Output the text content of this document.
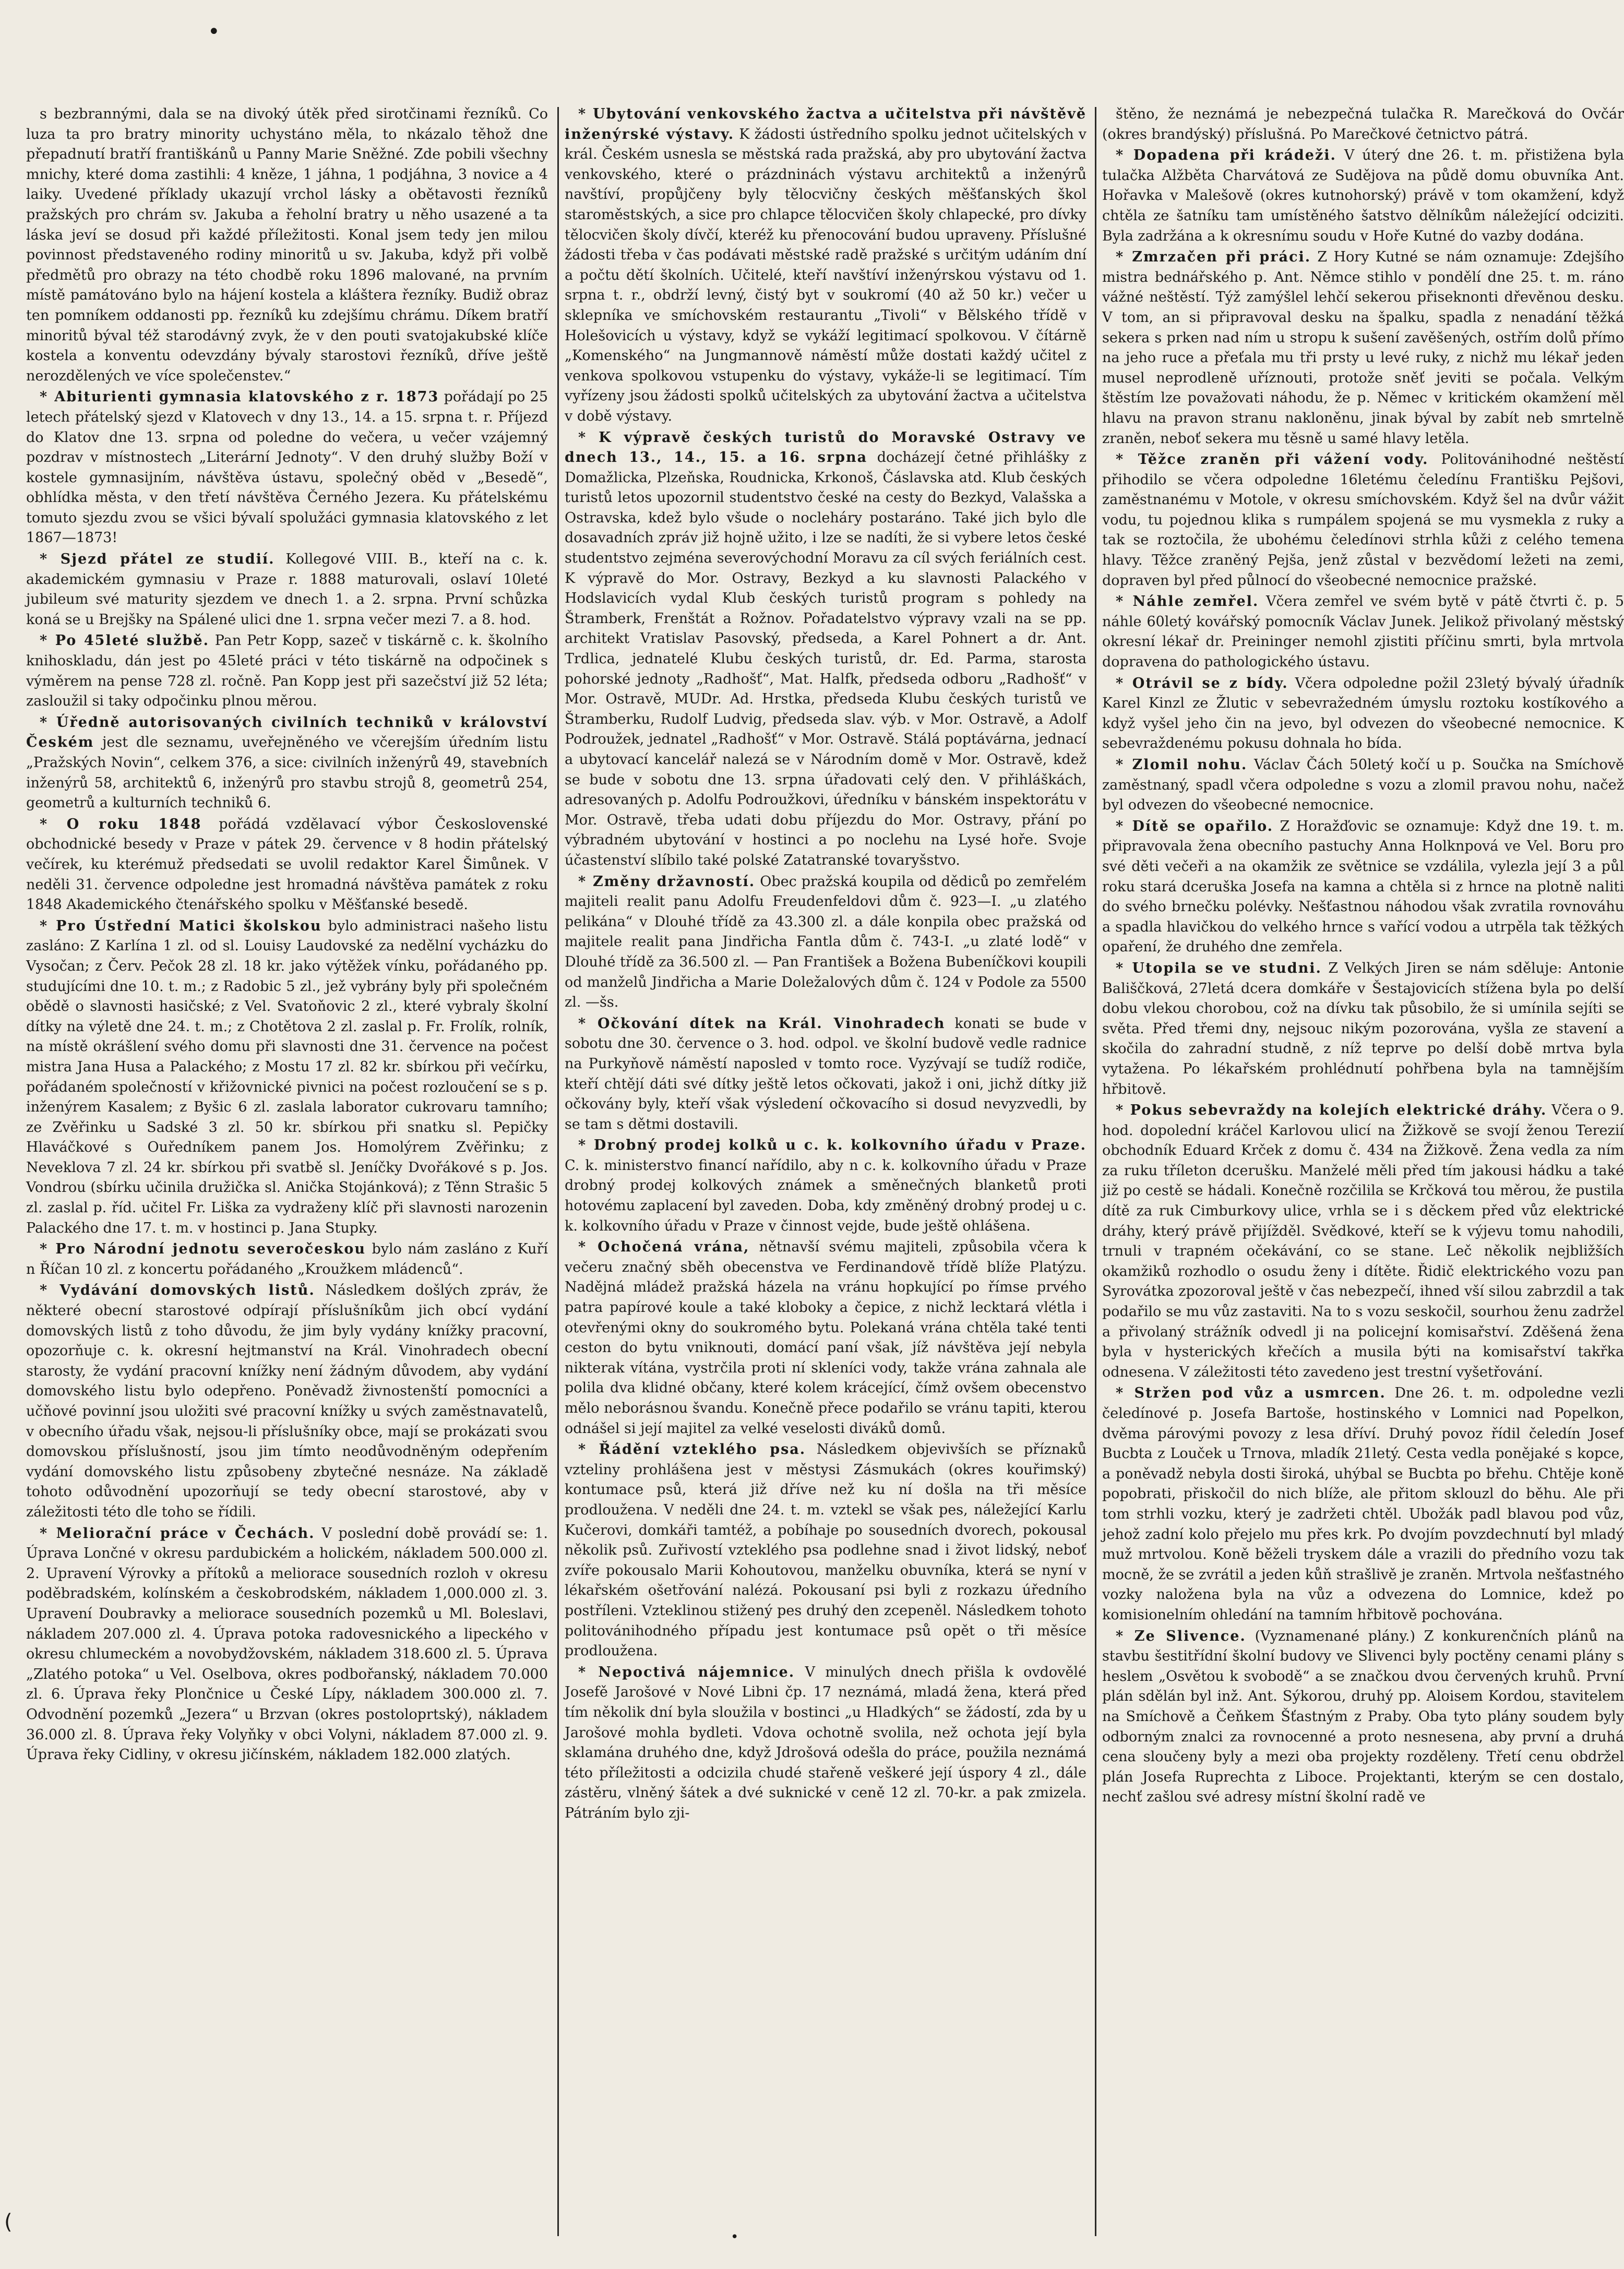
•
•
(

s bezbrannými, dala se na divoký útěk před sirotčinami řezníků. Co luza ta pro bratry minority uchystáno měla, to nkázalo těhož dne přepadnutí bratří františkánů u Panny Marie Sněžné. Zde pobili všechny mnichy, které doma zastihli: 4 kněze, 1 jáhna, 1 podjáhna, 3 novice a 4 laiky. Uvedené příklady ukazují vrchol lásky a obětavosti řezníků pražských pro chrám sv. Jakuba a řeholní bratry u něho usazené a ta láska jeví se dosud při každé příležitosti. Konal jsem tedy jen milou povinnost představeného rodiny minoritů u sv. Jakuba, když při volbě předmětů pro obrazy na této chodbě roku 1896 malované, na prvním místě památováno bylo na hájení kostela a kláštera řezníky. Budiž obraz ten pomníkem oddanosti pp. řezníků ku zdejšímu chrámu. Díkem bratří minoritů býval též starodávný zvyk, že v den pouti svatojakubské klíče kostela a konventu odevzdány bývaly starostovi řezníků, dříve ještě nerozdělených ve více společenstev.“

* Abiturienti gymnasia klatovského z r. 1873 pořádají po 25 letech přátelský sjezd v Klatovech v dny 13., 14. a 15. srpna t. r. Příjezd do Klatov dne 13. srpna od poledne do večera, u večer vzájemný pozdrav v místnostech „Literární Jednoty“. V den druhý služby Boží v kostele gymnasijním, návštěva ústavu, společný oběd v „Besedě“, obhlídka města, v den třetí návštěva Černého Jezera. Ku přátelskému tomuto sjezdu zvou se všici bývalí spolužáci gymnasia klatovského z let 1867—1873!

* Sjezd přátel ze studií. Kollegové VIII. B., kteří na c. k. akademickém gymnasiu v Praze r. 1888 maturovali, oslaví 10leté jubileum své maturity sjezdem ve dnech 1. a 2. srpna. První schůzka koná se u Brejšky na Spálené ulici dne 1. srpna večer mezi 7. a 8. hod.

* Po 45leté službě. Pan Petr Kopp, sazeč v tiskárně c. k. školního knihoskladu, dán jest po 45leté práci v této tiskárně na odpočinek s výměrem na pense 728 zl. ročně. Pan Kopp jest při sazečství již 52 léta; zasloužil si taky odpočinku plnou měrou.

* Úředně autorisovaných civilních techniků v království Českém jest dle seznamu, uveřejněného ve včerejším úředním listu „Pražských Novin“, celkem 376, a sice: civilních inženýrů 49, stavebních inženýrů 58, architektů 6, inženýrů pro stavbu strojů 8, geometrů 254, geometrů a kulturních techniků 6.

* O roku 1848 pořádá vzdělavací výbor Československé obchodnické besedy v Praze v pátek 29. července v 8 hodin přátelský večírek, ku kterémuž předsedati se uvolil redaktor Karel Šimůnek. V neděli 31. července odpoledne jest hromadná návštěva památek z roku 1848 Akademického čtenářského spolku v Měšťanské besedě.

* Pro Ústřední Matici školskou bylo administraci našeho listu zasláno: Z Karlína 1 zl. od sl. Louisy Laudovské za nedělní vycházku do Vysočan; z Červ. Pečok 28 zl. 18 kr. jako výtěžek vínku, pořádaného pp. studujícími dne 10. t. m.; z Radobic 5 zl., jež vybrány byly při společném obědě o slavnosti hasičské; z Vel. Svatoňovic 2 zl., které vybraly školní dítky na výletě dne 24. t. m.; z Chotětova 2 zl. zaslal p. Fr. Frolík, rolník, na místě okrášlení svého domu při slavnosti dne 31. července na počest mistra Jana Husa a Palackého; z Mostu 17 zl. 82 kr. sbírkou při večírku, pořádaném společností v křižovnické pivnici na počest rozloučení se s p. inženýrem Kasalem; z Byšic 6 zl. zaslala laborator cukrovaru tamního; ze Zvěřinku u Sadské 3 zl. 50 kr. sbírkou při snatku sl. Pepičky Hlaváčkové s Ouředníkem panem Jos. Homolýrem Zvěřinku; z Neveklova 7 zl. 24 kr. sbírkou při svatbě sl. Jeníčky Dvořákové s p. Jos. Vondrou (sbírku učinila družička sl. Anička Stojánková); z Těnn Strašic 5 zl. zaslal p. říd. učitel Fr. Liška za vydraženy klíč při slavnosti narozenin Palackého dne 17. t. m. v hostinci p. Jana Stupky.

* Pro Národní jednotu severočeskou bylo nám zasláno z Kuří n Říčan 10 zl. z koncertu pořádaného „Kroužkem mládenců“.

* Vydávání domovských listů. Následkem došlých zpráv, že některé obecní starostové odpírají příslušníkům jich obcí vydání domovských listů z toho důvodu, že jim byly vydány knížky pracovní, opozorňuje c. k. okresní hejtmanství na Král. Vinohradech obecní starosty, že vydání pracovní knížky není žádným důvodem, aby vydání domovského listu bylo odepřeno. Poněvadž živnostenští pomocníci a učňové povinní jsou uložiti své pracovní knížky u svých zaměstnavatelů, v obecního úřadu však, nejsou-li příslušníky obce, mají se prokázati svou domovskou příslušností, jsou jim tímto neodůvodněným odepřením vydání domovského listu způsobeny zbytečné nesnáze. Na základě tohoto odůvodnění upozorňují se tedy obecní starostové, aby v záležitosti této dle toho se řídili.

* Meliorační práce v Čechách. V poslední době provádí se: 1. Úprava Lončné v okresu pardubickém a holickém, nákladem 500.000 zl. 2. Upravení Výrovky a přítoků a meliorace sousedních rozloh v okresu poděbradském, kolínském a českobrodském, nákladem 1,000.000 zl. 3. Upravení Doubravky a meliorace sousedních pozemků u Ml. Boleslavi, nákladem 207.000 zl. 4. Úprava potoka radovesnického a lipeckého v okresu chlumeckém a novobydžovském, nákladem 318.600 zl. 5. Úprava „Zlatého potoka“ u Vel. Oselbova, okres podbořanský, nákladem 70.000 zl. 6. Úprava řeky Plončnice u České Lípy, nákladem 300.000 zl. 7. Odvodnění pozemků „Jezera“ u Brzvan (okres postoloprtský), nákladem 36.000 zl. 8. Úprava řeky Volyňky v obci Volyni, nákladem 87.000 zl. 9. Úprava řeky Cidliny, v okresu jičínském, nákladem 182.000 zlatých.

* Ubytování venkovského žactva a učitelstva při návštěvě inženýrské výstavy. K žádosti ústředního spolku jednot učitelských v král. Českém usnesla se městská rada pražská, aby pro ubytování žactva venkovského, které o prázdninách výstavu architektů a inženýrů navštíví, propůjčeny byly tělocvičny českých měšťanských škol staroměstských, a sice pro chlapce tělocvičen školy chlapecké, pro dívky tělocvičen školy dívčí, kteréž ku přenocování budou upraveny. Příslušné žádosti třeba v čas podávati městské radě pražské s určitým udáním dní a počtu dětí školních. Učitelé, kteří navštíví inženýrskou výstavu od 1. srpna t. r., obdrží levný, čistý byt v soukromí (40 až 50 kr.) večer u sklepníka ve smíchovském restaurantu „Tivoli“ v Bělského třídě v Holešovicích u výstavy, když se vykáží legitimací spolkovou. V čítárně „Komenského“ na Jungmannově náměstí může dostati každý učitel z venkova spolkovou vstupenku do výstavy, vykáže-li se legitimací. Tím vyřízeny jsou žádosti spolků učitelských za ubytování žactva a učitelstva v době výstavy.

* K výpravě českých turistů do Moravské Ostravy ve dnech 13., 14., 15. a 16. srpna docházejí četné přihlášky z Domažlicka, Plzeňska, Roudnicka, Krkonoš, Čáslavska atd. Klub českých turistů letos upozornil studentstvo české na cesty do Bezkyd, Valašska a Ostravska, kdež bylo všude o nocleháry postaráno. Také jich bylo dle dosavadních zpráv již hojně užito, i lze se nadíti, že si vybere letos české studentstvo zejména severovýchodní Moravu za cíl svých feriálních cest. K výpravě do Mor. Ostravy, Bezkyd a ku slavnosti Palackého v Hodslavicích vydal Klub českých turistů program s pohledy na Štramberk, Frenštát a Rožnov. Pořadatelstvo výpravy vzali na se pp. architekt Vratislav Pasovský, předseda, a Karel Pohnert a dr. Ant. Trdlica, jednatelé Klubu českých turistů, dr. Ed. Parma, starosta pohorské jednoty „Radhošť“, Mat. Halfk, předseda odboru „Radhošť“ v Mor. Ostravě, MUDr. Ad. Hrstka, předseda Klubu českých turistů ve Štramberku, Rudolf Ludvig, předseda slav. výb. v Mor. Ostravě, a Adolf Podroužek, jednatel „Radhošť“ v Mor. Ostravě. Stálá poptávárna, jednací a ubytovací kancelář nalezá se v Národním domě v Mor. Ostravě, kdež se bude v sobotu dne 13. srpna úřadovati celý den. V přihláškách, adresovaných p. Adolfu Podroužkovi, úředníku v bánském inspektorátu v Mor. Ostravě, třeba udati dobu příjezdu do Mor. Ostravy, přání po výbradném ubytování v hostinci a po noclehu na Lysé hoře. Svoje účastenství slíbilo také polské Zatatranské tovaryšstvo.

* Změny državností. Obec pražská koupila od dědiců po zemřelém majiteli realit panu Adolfu Freudenfeldovi dům č. 923—I. „u zlatého pelikána“ v Dlouhé třídě za 43.300 zl. a dále konpila obec pražská od majitele realit pana Jindřicha Fantla dům č. 743-I. „u zlaté lodě“ v Dlouhé třídě za 36.500 zl. — Pan František a Božena Bubeníčkovi koupili od manželů Jindřicha a Marie Doležalových dům č. 124 v Podole za 5500 zl. —šs.

* Očkování dítek na Král. Vinohradech konati se bude v sobotu dne 30. července o 3. hod. odpol. ve školní budově vedle radnice na Purkyňově náměstí naposled v tomto roce. Vyzývají se tudíž rodiče, kteří chtějí dáti své dítky ještě letos očkovati, jakož i oni, jichž dítky již očkovány byly, kteří však výsledení očkovacího si dosud nevyzvedli, by se tam s dětmi dostavili.

* Drobný prodej kolků u c. k. kolkovního úřadu v Praze. C. k. ministerstvo financí nařídilo, aby n c. k. kolkovního úřadu v Praze drobný prodej kolkových známek a směnečných blanketů proti hotovému zaplacení byl zaveden. Doba, kdy změněný drobný prodej u c. k. kolkovního úřadu v Praze v činnost vejde, bude ještě ohlášena.

* Ochočená vrána, nětnavší svému majiteli, způsobila včera k večeru značný sběh obecenstva ve Ferdinandově třídě blíže Platýzu. Nadějná mládež pražská házela na vránu hopkující po římse prvého patra papírové koule a také kloboky a čepice, z nichž lecktará vlétla i otevřenými okny do soukromého bytu. Polekaná vrána chtěla také tenti ceston do bytu vniknouti, domácí paní však, jíž návštěva její nebyla nikterak vítána, vystrčila proti ní skleníci vody, takže vrána zahnala ale polila dva klidné občany, které kolem krácející, čímž ovšem obecenstvo mělo neborásnou švandu. Konečně přece podařilo se vránu tapiti, kterou odnášel si její majitel za velké veselosti diváků domů.

* Řádění vzteklého psa. Následkem objevivších se příznaků vzteliny prohlášena jest v městysi Zásmukách (okres kouřimský) kontumace psů, která již dříve než ku ní došla na tři měsíce prodloužena. V neděli dne 24. t. m. vztekl se však pes, náležející Karlu Kučerovi, domkáři tamtéž, a pobíhaje po sousedních dvorech, pokousal několik psů. Zuřivostí vzteklého psa podlehne snad i život lidský, neboť zvíře pokousalo Marii Kohoutovou, manželku obuvníka, která se nyní v lékařském ošetřování nalézá. Pokousaní psi byli z rozkazu úředního postříleni. Vzteklinou stižený pes druhý den zcepeněl. Následkem tohoto politovánihodného případu jest kontumace psů opět o tři měsíce prodloužena.

* Nepoctivá nájemnice. V minulých dnech přišla k ovdovělé Josefě Jarošové v Nové Libni čp. 17 neznámá, mladá žena, která před tím několik dní byla sloužila v bostinci „u Hladkých“ se žádostí, zda by u Jarošové mohla bydleti. Vdova ochotně svolila, než ochota její byla sklamána druhého dne, když Jdrošová odešla do práce, použila neznámá této příležitosti a odcizila chudé stařeně veškeré její úspory 4 zl., dále zástěru, vlněný šátek a dvé suknické v ceně 12 zl. 70-kr. a pak zmizela. Pátráním bylo zji-

štěno, že neznámá je nebezpečná tulačka R. Marečková do Ovčár (okres brandýský) příslušná. Po Marečkové četnictvo pátrá.

* Dopadena při krádeži. V úterý dne 26. t. m. přistižena byla tulačka Alžběta Charvátová ze Sudějova na půdě domu obuvníka Ant. Hořavka v Malešově (okres kutnohorský) právě v tom okamžení, když chtěla ze šatníku tam umístěného šatstvo dělníkům náležející odciziti. Byla zadržána a k okresnímu soudu v Hoře Kutné do vazby dodána.

* Zmrzačen při práci. Z Hory Kutné se nám oznamuje: Zdejšího mistra bednářského p. Ant. Němce stihlo v pondělí dne 25. t. m. ráno vážné neštěstí. Týž zamýšlel lehčí sekerou přiseknonti dřevěnou desku. V tom, an si připravoval desku na špalku, spadla z nenadání těžká sekera s prken nad ním u stropu k sušení zavěšených, ostřím dolů přímo na jeho ruce a přeťala mu tři prsty u levé ruky, z nichž mu lékař jeden musel neprodleně uříznouti, protože sněť jeviti se počala. Velkým štěstím lze považovati náhodu, že p. Němec v kritickém okamžení měl hlavu na pravon stranu nakloněnu, jinak býval by zabít neb smrtelně zraněn, neboť sekera mu těsně u samé hlavy letěla.

* Těžce zraněn při vážení vody. Politovánihodné neštěstí přihodilo se včera odpoledne 16letému čeledínu Františku Pejšovi, zaměstnanému v Motole, v okresu smíchovském. Když šel na dvůr vážit vodu, tu pojednou klika s rumpálem spojená se mu vysmekla z ruky a tak se roztočila, že ubohému čeledínovi strhla kůži z celého temena hlavy. Těžce zraněný Pejša, jenž zůstal v bezvědomí ležeti na zemi, dopraven byl před půlnocí do všeobecné nemocnice pražské.

* Náhle zemřel. Včera zemřel ve svém bytě v pátě čtvrti č. p. 5 náhle 60letý kovářský pomocník Václav Junek. Jelikož přivolaný městský okresní lékař dr. Preininger nemohl zjistiti příčinu smrti, byla mrtvola dopravena do pathologického ústavu.

* Otrávil se z bídy. Včera odpoledne požil 23letý bývalý úřadník Karel Kinzl ze Žlutic v sebevražedném úmyslu roztoku kostíkového a když vyšel jeho čin na jevo, byl odvezen do všeobecné nemocnice. K sebevraždenému pokusu dohnala ho bída.

* Zlomil nohu. Václav Čách 50letý kočí u p. Součka na Smíchově zaměstnaný, spadl včera odpoledne s vozu a zlomil pravou nohu, načež byl odvezen do všeobecné nemocnice.

* Dítě se opařilo. Z Horažďovic se oznamuje: Když dne 19. t. m. připravovala žena obecního pastuchy Anna Holknpová ve Vel. Boru pro své děti večeři a na okamžik ze světnice se vzdálila, vylezla její 3 a půl roku stará dceruška Josefa na kamna a chtěla si z hrnce na plotně naliti do svého brnečku polévky. Nešťastnou náhodou však zvratila rovnováhu a spadla hlavičkou do velkého hrnce s vařící vodou a utrpěla tak těžkých opaření, že druhého dne zemřela.

* Utopila se ve studni. Z Velkých Jiren se nám sděluje: Antonie Bališčková, 27letá dcera domkáře v Šestajovicích stížena byla po delší dobu vlekou chorobou, což na dívku tak působilo, že si umínila sejíti se světa. Před třemi dny, nejsouc nikým pozorována, vyšla ze stavení a skočila do zahradní studně, z níž teprve po delší době mrtva byla vytažena. Po lékařském prohlédnutí pohřbena byla na tamnějším hřbitově.

* Pokus sebevraždy na kolejích elektrické dráhy. Včera o 9. hod. dopolední kráčel Karlovou ulicí na Žižkově se svojí ženou Terezií obchodník Eduard Krček z domu č. 434 na Žižkově. Žena vedla za ním za ruku tříleton dcerušku. Manželé měli před tím jakousi hádku a také již po cestě se hádali. Konečně rozčilila se Krčková tou měrou, že pustila dítě za ruk Cimburkovy ulice, vrhla se i s děckem před vůz elektrické dráhy, který právě přijížděl. Svědkové, kteří se k výjevu tomu nahodili, trnuli v trapném očekávání, co se stane. Leč několik nejbližších okamžiků rozhodlo o osudu ženy i dítěte. Řidič elektrického vozu pan Syrovátka zpozoroval ještě v čas nebezpečí, ihned vší silou zabrzdil a tak podařilo se mu vůz zastaviti. Na to s vozu seskočil, sourhou ženu zadržel a přivolaný strážník odvedl ji na policejní komisařství. Zděšená žena byla v hysterických křečích a musila býti na komisařství takřka odnesena. V záležitosti této zavedeno jest trestní vyšetřování.

* Stržen pod vůz a usmrcen. Dne 26. t. m. odpoledne vezli čeledínové p. Josefa Bartoše, hostinského v Lomnici nad Popelkon, dvěma párovými povozy z lesa dříví. Druhý povoz řídil čeledín Josef Bucbta z Louček u Trnova, mladík 21letý. Cesta vedla ponějaké s kopce, a poněvadž nebyla dosti široká, uhýbal se Bucbta po břehu. Chtěje koně popobrati, přiskočil do nich blíže, ale přitom sklouzl do běhu. Ale při tom strhli vozku, který je zadržeti chtěl. Ubožák padl blavou pod vůz, jehož zadní kolo přejelo mu přes krk. Po dvojím povzdechnutí byl mladý muž mrtvolou. Koně běželi tryskem dále a vrazili do předního vozu tak mocně, že se zvrátil a jeden kůň strašlivě je zraněn. Mrtvola nešťastného vozky naložena byla na vůz a odvezena do Lomnice, kdež po komisionelním ohledání na tamním hřbitově pochována.

* Ze Slivence. (Vyznamenané plány.) Z konkurenčních plánů na stavbu šestitřídní školní budovy ve Slivenci byly poctěny cenami plány s heslem „Osvětou k svobodě“ a se značkou dvou červených kruhů. První plán sdělán byl inž. Ant. Sýkorou, druhý pp. Aloisem Kordou, stavitelem na Smíchově a Čeňkem Šťastným z Praby. Oba tyto plány soudem byly odborným znalci za rovnocenné a proto nesnesena, aby první a druhá cena sloučeny byly a mezi oba projekty rozděleny. Třetí cenu obdržel plán Josefa Ruprechta z Liboce. Projektanti, kterým se cen dostalo, nechť zašlou své adresy místní školní radě ve
